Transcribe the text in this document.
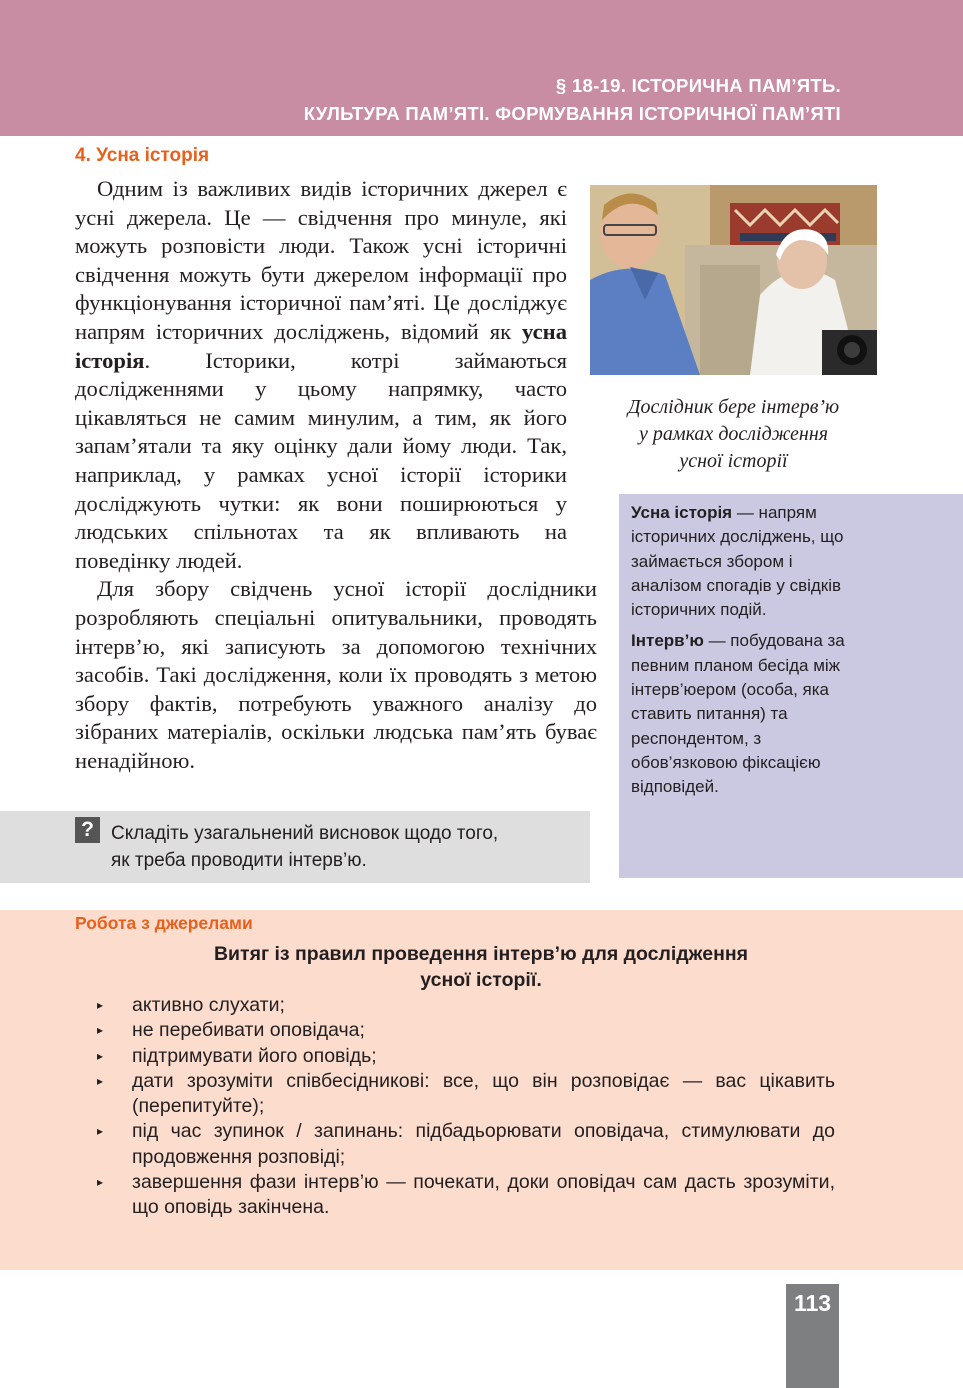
§ 18-19. ІСТОРИЧНА ПАМ’ЯТЬ.
КУЛЬТУРА ПАМ’ЯТІ. ФОРМУВАННЯ ІСТОРИЧНОЇ ПАМ’ЯТІ
4. Усна історія

Одним із важливих видів історичних джерел є усні джерела. Це — свідчення про минуле, які можуть розповісти люди. Також усні історичні свідчення можуть бути джерелом інформації про функціонування історичної пам’яті. Це досліджує напрям історичних досліджень, відомий як усна історія. Історики, котрі займаються дослідженнями у цьому напрямку, часто цікавляться не самим минулим, а тим, як його запам’ятали та яку оцінку дали йому люди. Так, наприклад, у рамках усної історії історики досліджують чутки: як вони поширюються у людських спільнотах та як впливають на поведінку людей.

Для збору свідчень усної історії дослідники розробляють спеціальні опитувальники, проводять інтерв’ю, які записують за допомогою технічних засобів. Такі дослідження, коли їх проводять з метою збору фактів, потребують уважного аналізу до зібраних матеріалів, оскільки людська пам’ять буває ненадійною.

Дослідник бере інтерв’ю
у рамках дослідження
усної історії

Усна історія — напрям історичних досліджень, що займається збором і аналізом спогадів у свідків історичних подій.

Інтерв’ю — побудована за певним планом бесіда між інтерв’юером (особа, яка ставить питання) та респондентом, з обов’язковою фіксацією відповідей.

? Складіть узагальнений висновок щодо того,
як треба проводити інтерв’ю.
Робота з джерелами
Витяг із правил проведення інтерв’ю для дослідження
усної історії.
▸ активно слухати;
▸ не перебивати оповідача;
▸ підтримувати його оповідь;
▸ дати зрозуміти співбесідникові: все, що він розповідає — вас цікавить (перепитуйте);
▸ під час зупинок / запинань: підбадьорювати оповідача, стимулювати до продовження розповіді;
▸ завершення фази інтерв’ю — почекати, доки оповідач сам дасть зрозуміти, що оповідь закінчена.
113
